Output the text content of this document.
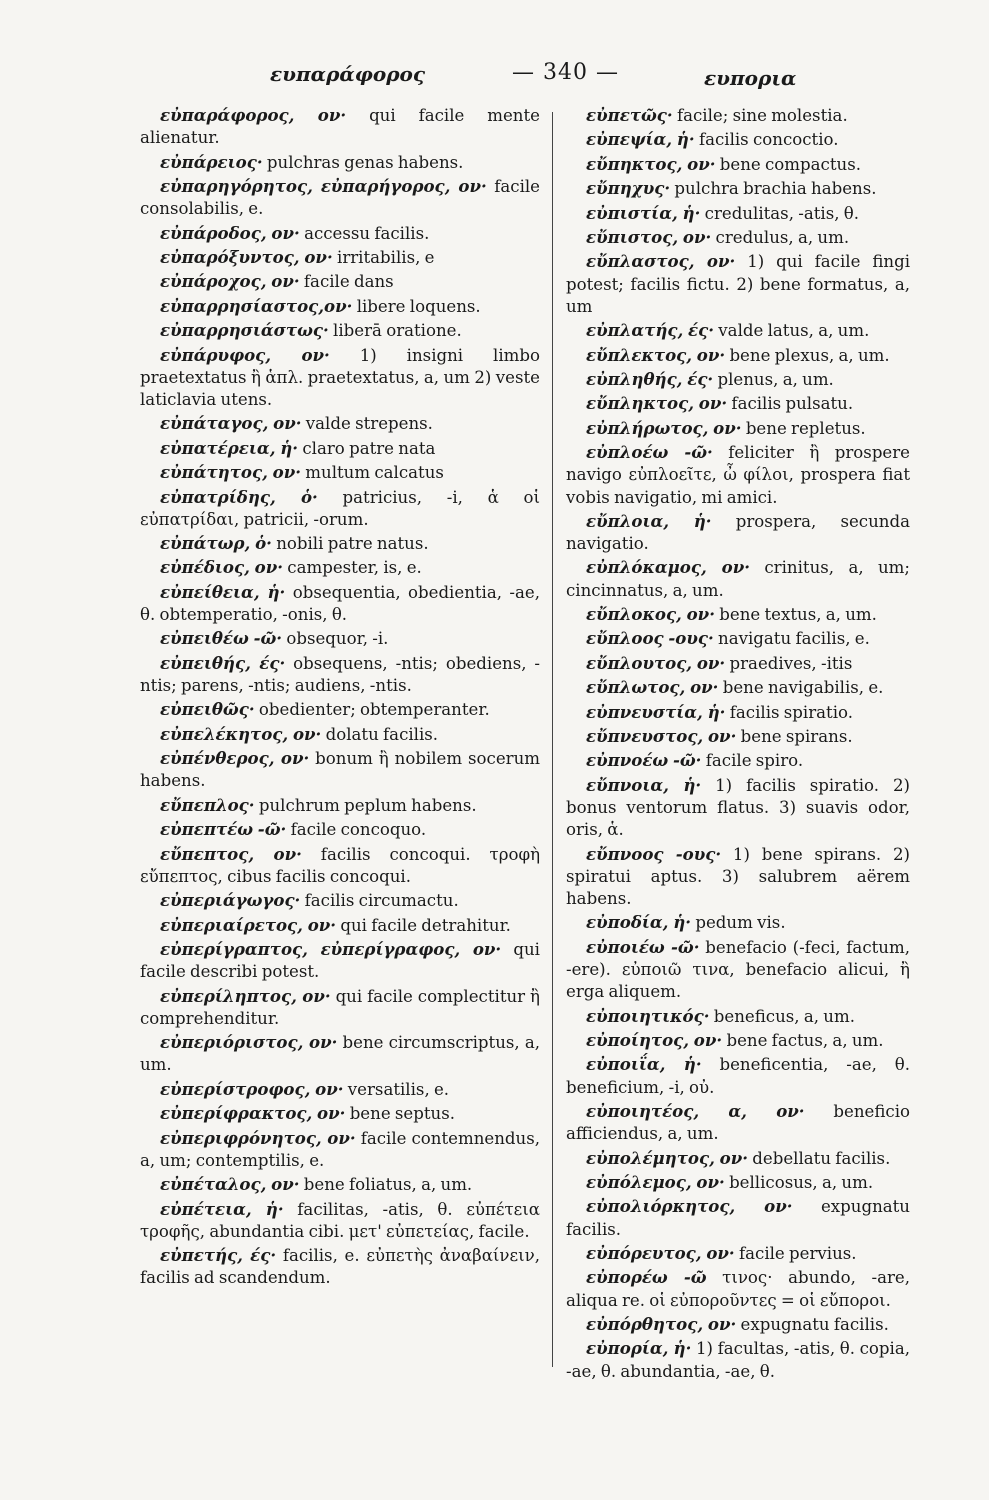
ευπαράφορος	— 340 —	ευπορια

εὐπαράφορος, ον· qui facile mente alienatur.

εὐπάρειος· pulchras genas habens.

εὐπαρηγόρητος, εὐπαρήγορος, ον· facile consolabilis, e.

εὐπάροδος, ον· accessu facilis.

εὐπαρόξυντος, ον· irritabilis, e

εὐπάροχος, ον· facile dans

εὐπαρρησίαστος,ον· libere loquens.

εὐπαρρησιάστως· liberā oratione.

εὐπάρυφος, ον· 1) insigni limbo praetextatus ἢ ἁπλ. praetextatus, a, um 2) veste laticlavia utens.

εὐπάταγος, ον· valde strepens.

εὐπατέρεια, ἡ· claro patre nata

εὐπάτητος, ον· multum calcatus

εὐπατρίδης, ὁ· patricius, -i, ἁ οἱ εὐπατρίδαι, patricii, -orum.

εὐπάτωρ, ὁ· nobili patre natus.

εὐπέδιος, ον· campester, is, e.

εὐπείθεια, ἡ· obsequentia, obedientia, -ae, θ. obtemperatio, -onis, θ.

εὐπειθέω -ῶ· obsequor, -i.

εὐπειθής, ές· obsequens, -ntis; obediens, -ntis; parens, -ntis; audiens, -ntis.

εὐπειθῶς· obedienter; obtemperanter.

εὐπελέκητος, ον· dolatu facilis.

εὐπένθερος, ον· bonum ἢ nobilem socerum habens.

εὔπεπλος· pulchrum peplum habens.

εὐπεπτέω -ῶ· facile concoquo.

εὔπεπτος, ον· facilis concoqui. τροφὴ εὔπεπτος, cibus facilis concoqui.

εὐπεριάγωγος· facilis circumactu.

εὐπεριαίρετος, ον· qui facile detrahitur.

εὐπερίγραπτος, εὐπερίγραφος, ον· qui facile describi potest.

εὐπερίληπτος, ον· qui facile complectitur ἢ comprehenditur.

εὐπεριόριστος, ον· bene circumscriptus, a, um.

εὐπερίστροφος, ον· versatilis, e.

εὐπερίφρακτος, ον· bene septus.

εὐπεριφρόνητος, ον· facile contemnendus, a, um; contemptilis, e.

εὐπέταλος, ον· bene foliatus, a, um.

εὐπέτεια, ἡ· facilitas, -atis, θ. εὐπέτεια τροφῆς, abundantia cibi. μετ' εὐπετείας, facile.

εὐπετής, ές· facilis, e. εὐπετὴς ἀναβαίνειν, facilis ad scandendum.

εὐπετῶς· facile; sine molestia.

εὐπεψία, ἡ· facilis concoctio.

εὔπηκτος, ον· bene compactus.

εὔπηχυς· pulchra brachia habens.

εὐπιστία, ἡ· credulitas, -atis, θ.

εὔπιστος, ον· credulus, a, um.

εὔπλαστος, ον· 1) qui facile fingi potest; facilis fictu. 2) bene formatus, a, um

εὐπλατής, ές· valde latus, a, um.

εὔπλεκτος, ον· bene plexus, a, um.

εὐπληθής, ές· plenus, a, um.

εὔπληκτος, ον· facilis pulsatu.

εὐπλήρωτος, ον· bene repletus.

εὐπλοέω -ῶ· feliciter ἢ prospere navigo εὐπλοεῖτε, ὦ φίλοι, prospera fiat vobis navigatio, mi amici.

εὔπλοια, ἡ· prospera, secunda navigatio.

εὐπλόκαμος, ον· crinitus, a, um; cincinnatus, a, um.

εὔπλοκος, ον· bene textus, a, um.

εὔπλοος -ους· navigatu facilis, e.

εὔπλουτος, ον· praedives, -itis

εὔπλωτος, ον· bene navigabilis, e.

εὐπνευστία, ἡ· facilis spiratio.

εὔπνευστος, ον· bene spirans.

εὐπνοέω -ῶ· facile spiro.

εὔπνοια, ἡ· 1) facilis spiratio. 2) bonus ventorum flatus. 3) suavis odor, oris, ἁ.

εὔπνοος -ους· 1) bene spirans. 2) spiratui aptus. 3) salubrem aërem habens.

εὐποδία, ἡ· pedum vis.

εὐποιέω -ῶ· benefacio (-feci, factum, -ere). εὐποιῶ τινα, benefacio alicui, ἢ erga aliquem.

εὐποιητικός· beneficus, a, um.

εὐποίητος, ον· bene factus, a, um.

εὐποιΐα, ἡ· beneficentia, -ae, θ. beneficium, -i, οὐ.

εὐποιητέος, α, ον· beneficio afficiendus, a, um.

εὐπολέμητος, ον· debellatu facilis.

εὐπόλεμος, ον· bellicosus, a, um.

εὐπολιόρκητος, ον· expugnatu facilis.

εὐπόρευτος, ον· facile pervius.

εὐπορέω -ῶ τινος· abundo, -are, aliqua re. οἱ εὐποροῦντες = οἱ εὔποροι.

εὐπόρθητος, ον· expugnatu facilis.

εὐπορία, ἡ· 1) facultas, -atis, θ. copia, -ae, θ. abundantia, -ae, θ.
